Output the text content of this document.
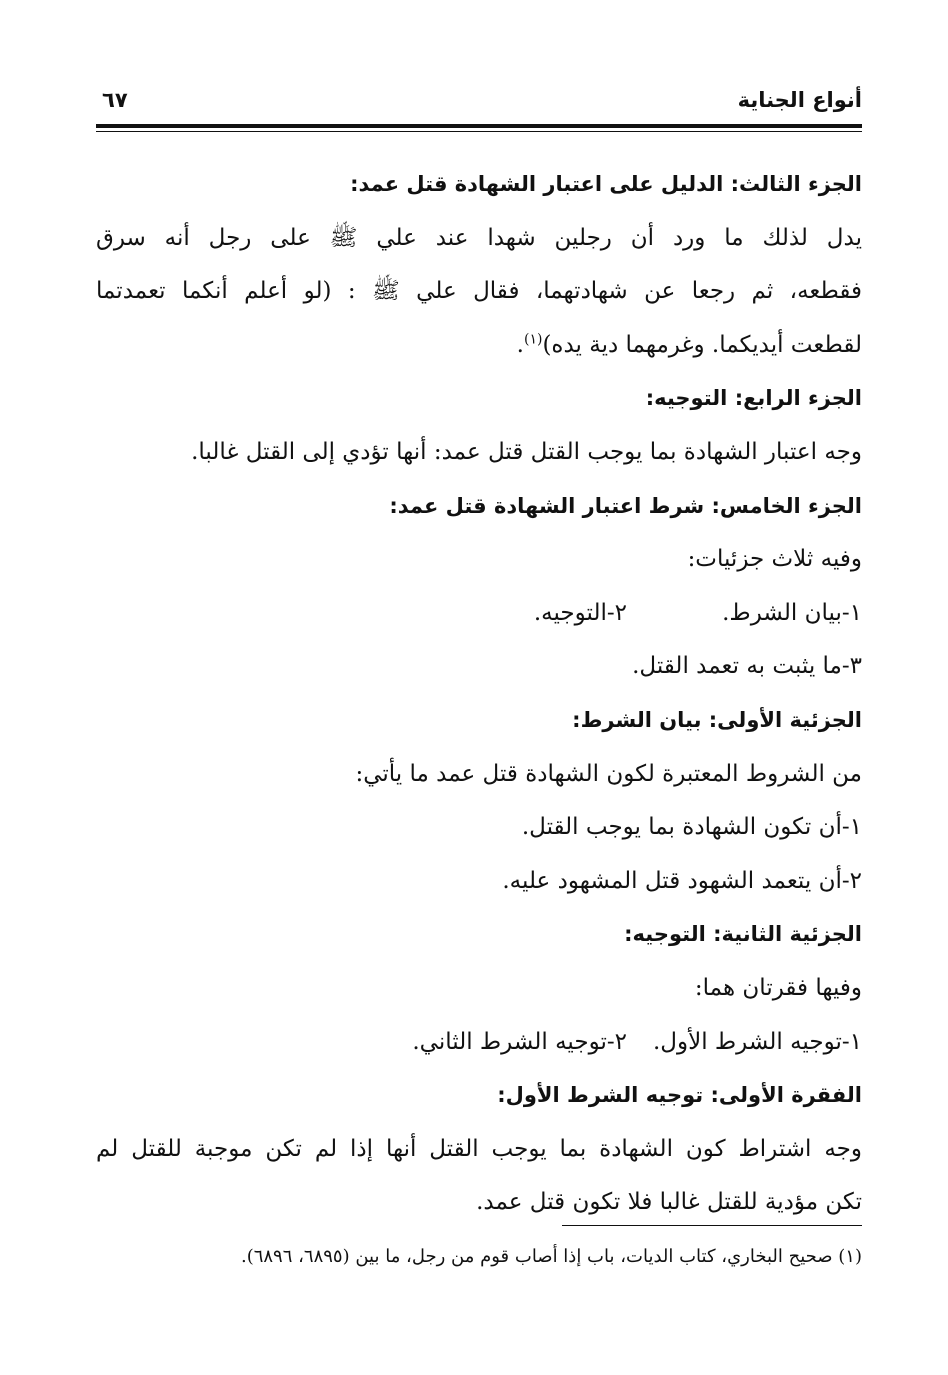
أنواع الجناية
٦٧
الجزء الثالث: الدليل على اعتبار الشهادة قتل عمد:
يدل لذلك ما ورد أن رجلين شهدا عند علي ﷺ على رجل أنه سرق
فقطعه، ثم رجعا عن شهادتهما، فقال علي ﷺ : (لو أعلم أنكما تعمدتما
لقطعت أيديكما. وغرمهما دية يده)$^{(١)}$.
الجزء الرابع: التوجيه:
وجه اعتبار الشهادة بما يوجب القتل قتل عمد: أنها تؤدي إلى القتل غالبا.
الجزء الخامس: شرط اعتبار الشهادة قتل عمد:
وفيه ثلاث جزئيات:
١-بيان الشرط.
٢-التوجيه.
٣-ما يثبت به تعمد القتل.
الجزئية الأولى: بيان الشرط:
من الشروط المعتبرة لكون الشهادة قتل عمد ما يأتي:
١-أن تكون الشهادة بما يوجب القتل.
٢-أن يتعمد الشهود قتل المشهود عليه.
الجزئية الثانية: التوجيه:
وفيها فقرتان هما:
١-توجيه الشرط الأول.
٢-توجيه الشرط الثاني.
الفقرة الأولى: توجيه الشرط الأول:
وجه اشتراط كون الشهادة بما يوجب القتل أنها إذا لم تكن موجبة للقتل لم
تكن مؤدية للقتل غالبا فلا تكون قتل عمد.
(١) صحيح البخاري، كتاب الديات، باب إذا أصاب قوم من رجل، ما بين (٦٨٩٥، ٦٨٩٦).
